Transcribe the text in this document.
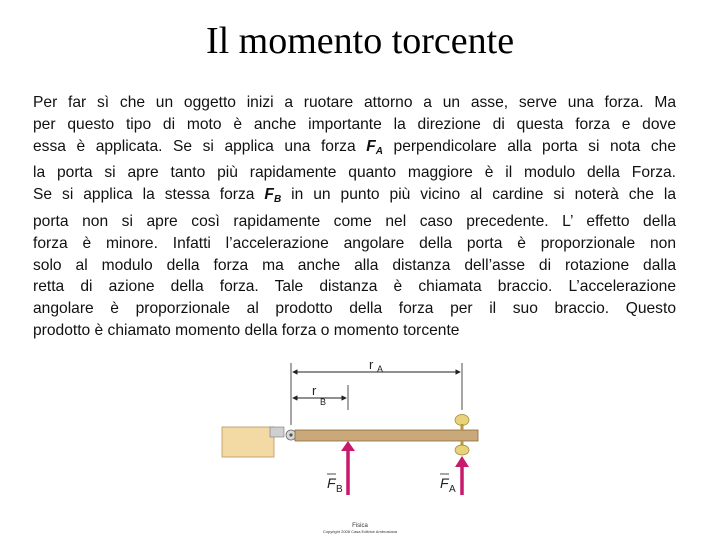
Il momento torcente
Per far sì che un oggetto inizi a ruotare attorno a un asse, serve una forza. Ma
per questo tipo di moto è anche importante la direzione di questa forza e dove
essa è applicata. Se si applica una forza $F_A$ perpendicolare alla porta si nota che
la porta si apre tanto più rapidamente quanto maggiore è il modulo della Forza.
Se si applica la stessa forza $F_B$ in un punto più vicino al cardine si noterà che la
porta non si apre così rapidamente come nel caso precedente. L’ effetto della
forza è minore. Infatti l’accelerazione angolare della porta è proporzionale non
solo al modulo della forza ma anche alla distanza dell’asse di rotazione dalla
retta di azione della forza. Tale distanza è chiamata braccio. L’accelerazione
angolare è proporzionale al prodotto della forza per il suo braccio. Questo
prodotto è chiamato momento della forza o momento torcente
r A
r
B
F B	F A
Fisica
Copyright 2008 Casa Editrice Ambrosiana
